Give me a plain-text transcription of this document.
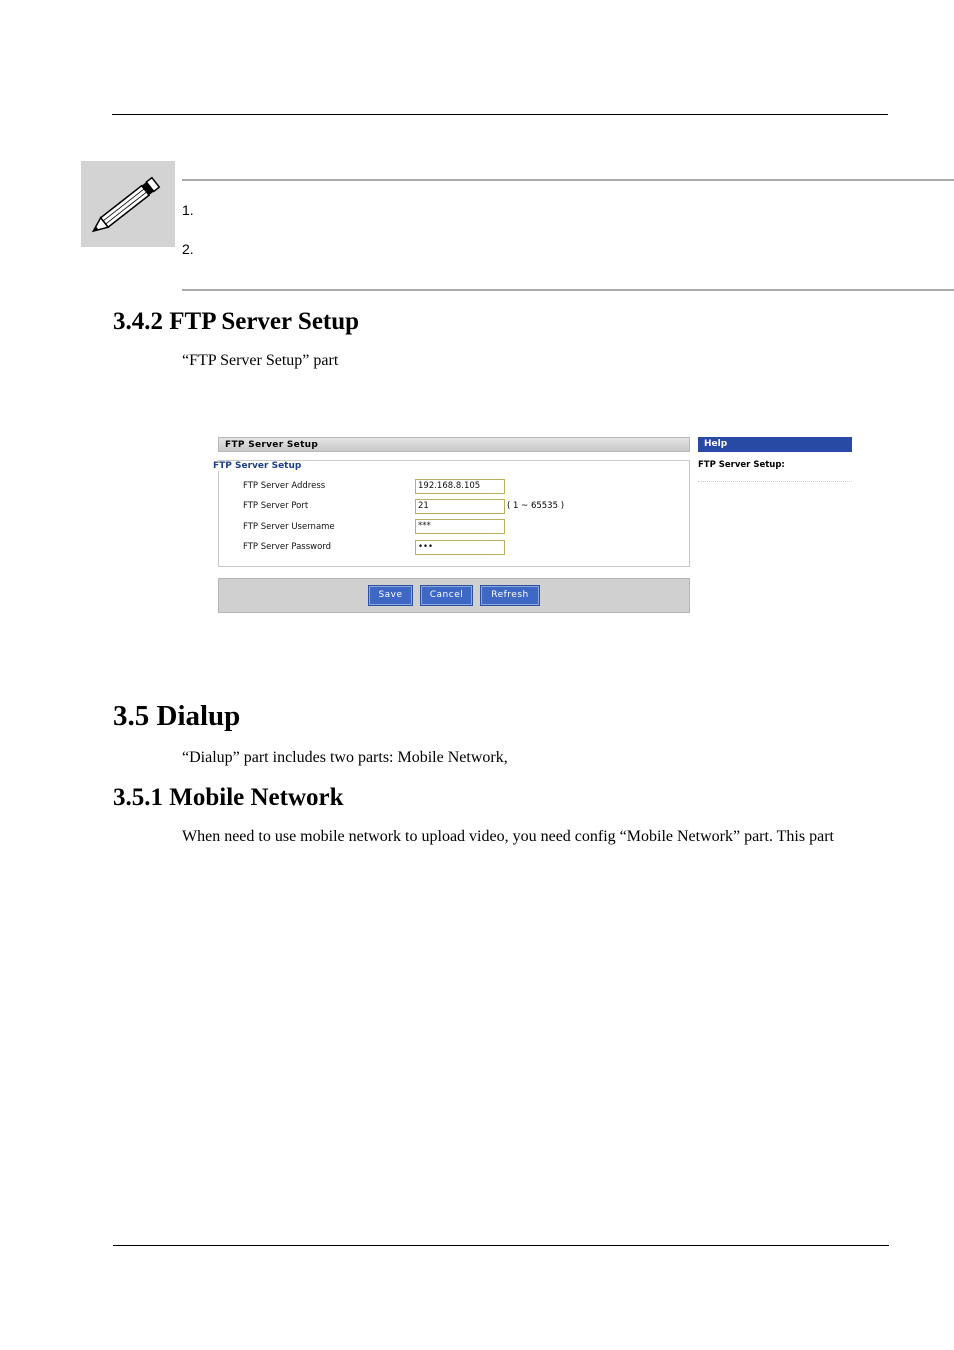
1.
2.
3.4.2 FTP Server Setup
“FTP Server Setup” part
FTP Server Setup
FTP Server Setup
FTP Server Address	192.168.8.105
FTP Server Port	21	( 1 ~ 65535 )
FTP Server Username	***
FTP Server Password	•••
Save	Cancel	Refresh
Help
FTP Server Setup:
3.5 Dialup
“Dialup” part includes two parts: Mobile Network,
3.5.1 Mobile Network
When need to use mobile network to upload video, you need config “Mobile Network” part. This part
